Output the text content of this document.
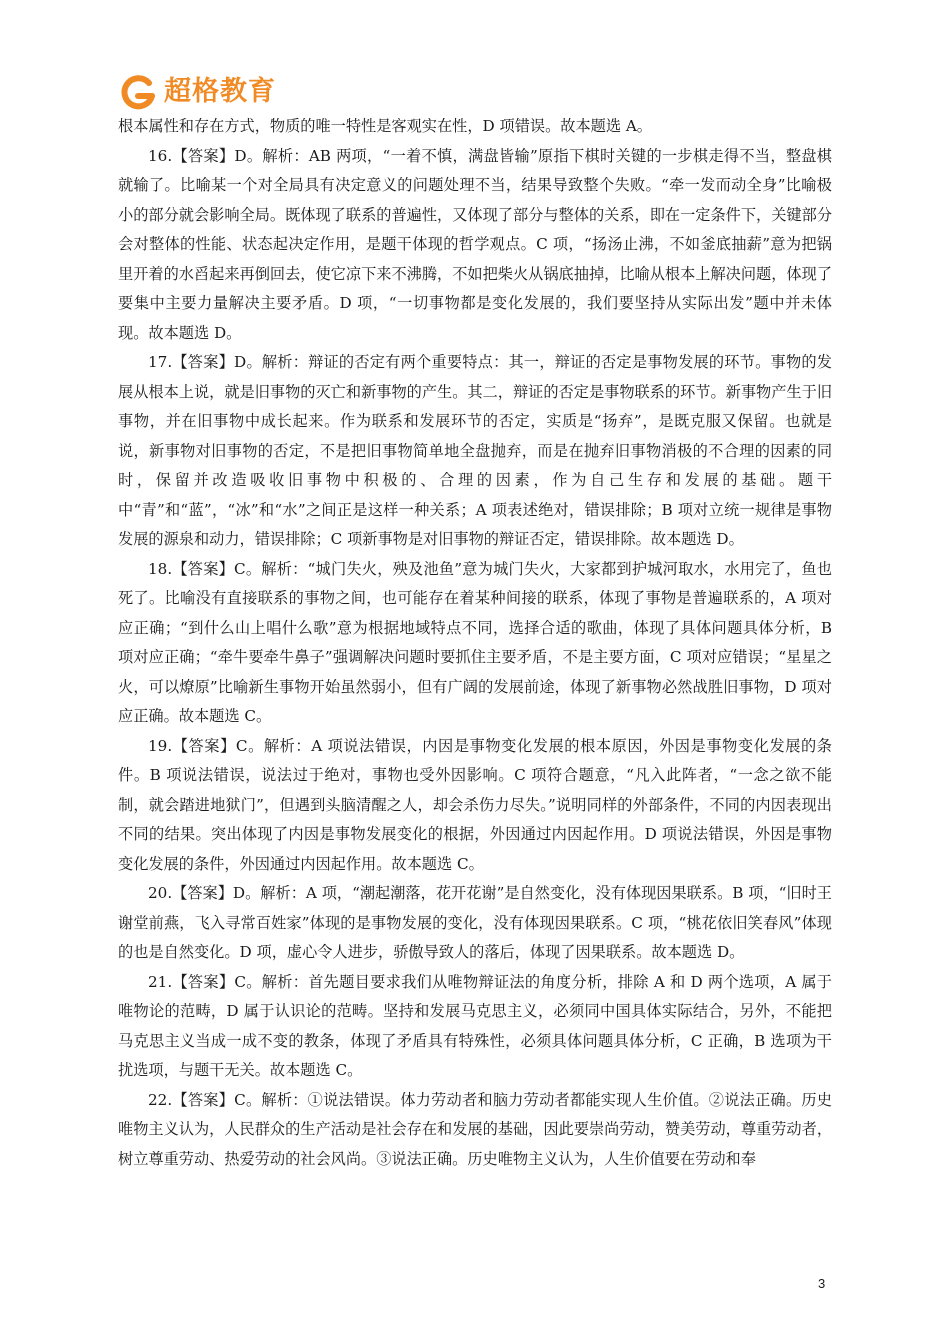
超格教育

根本属性和存在方式，物质的唯一特性是客观实在性，D 项错误。故本题选 A。

16.【答案】D。解析：AB 两项，“一着不慎，满盘皆输”原指下棋时关键的一步棋走得不当，整盘棋就输了。比喻某一个对全局具有决定意义的问题处理不当，结果导致整个失败。“牵一发而动全身”比喻极小的部分就会影响全局。既体现了联系的普遍性，又体现了部分与整体的关系，即在一定条件下，关键部分会对整体的性能、状态起决定作用，是题干体现的哲学观点。C 项，“扬汤止沸，不如釜底抽薪”意为把锅里开着的水舀起来再倒回去，使它凉下来不沸腾，不如把柴火从锅底抽掉，比喻从根本上解决问题，体现了要集中主要力量解决主要矛盾。D 项，“一切事物都是变化发展的，我们要坚持从实际出发”题中并未体现。故本题选 D。

17.【答案】D。解析：辩证的否定有两个重要特点：其一，辩证的否定是事物发展的环节。事物的发展从根本上说，就是旧事物的灭亡和新事物的产生。其二，辩证的否定是事物联系的环节。新事物产生于旧事物，并在旧事物中成长起来。作为联系和发展环节的否定，实质是“扬弃”，是既克服又保留。也就是说，新事物对旧事物的否定，不是把旧事物简单地全盘抛弃，而是在抛弃旧事物消极的不合理的因素的同时，保留并改造吸收旧事物中积极的、合理的因素，作为自己生存和发展的基础。题干中“青”和“蓝”，“冰”和“水”之间正是这样一种关系；A 项表述绝对，错误排除；B 项对立统一规律是事物发展的源泉和动力，错误排除；C 项新事物是对旧事物的辩证否定，错误排除。故本题选 D。

18.【答案】C。解析：“城门失火，殃及池鱼”意为城门失火，大家都到护城河取水，水用完了，鱼也死了。比喻没有直接联系的事物之间，也可能存在着某种间接的联系，体现了事物是普遍联系的，A 项对应正确；“到什么山上唱什么歌”意为根据地域特点不同，选择合适的歌曲，体现了具体问题具体分析，B 项对应正确；“牵牛要牵牛鼻子”强调解决问题时要抓住主要矛盾，不是主要方面，C 项对应错误；“星星之火，可以燎原”比喻新生事物开始虽然弱小，但有广阔的发展前途，体现了新事物必然战胜旧事物，D 项对应正确。故本题选 C。

19.【答案】C。解析：A 项说法错误，内因是事物变化发展的根本原因，外因是事物变化发展的条件。B 项说法错误，说法过于绝对，事物也受外因影响。C 项符合题意，“凡入此阵者，“一念之欲不能制，就会踏进地狱门”，但遇到头脑清醒之人，却会杀伤力尽失。”说明同样的外部条件，不同的内因表现出不同的结果。突出体现了内因是事物发展变化的根据，外因通过内因起作用。D 项说法错误，外因是事物变化发展的条件，外因通过内因起作用。故本题选 C。

20.【答案】D。解析：A 项，“潮起潮落，花开花谢”是自然变化，没有体现因果联系。B 项，“旧时王谢堂前燕，飞入寻常百姓家”体现的是事物发展的变化，没有体现因果联系。C 项，“桃花依旧笑春风”体现的也是自然变化。D 项，虚心令人进步，骄傲导致人的落后，体现了因果联系。故本题选 D。

21.【答案】C。解析：首先题目要求我们从唯物辩证法的角度分析，排除 A 和 D 两个选项，A 属于唯物论的范畴，D 属于认识论的范畴。坚持和发展马克思主义，必须同中国具体实际结合，另外，不能把马克思主义当成一成不变的教条，体现了矛盾具有特殊性，必须具体问题具体分析，C 正确，B 选项为干扰选项，与题干无关。故本题选 C。

22.【答案】C。解析：①说法错误。体力劳动者和脑力劳动者都能实现人生价值。②说法正确。历史唯物主义认为，人民群众的生产活动是社会存在和发展的基础，因此要崇尚劳动，赞美劳动，尊重劳动者，树立尊重劳动、热爱劳动的社会风尚。③说法正确。历史唯物主义认为，人生价值要在劳动和奉

3
